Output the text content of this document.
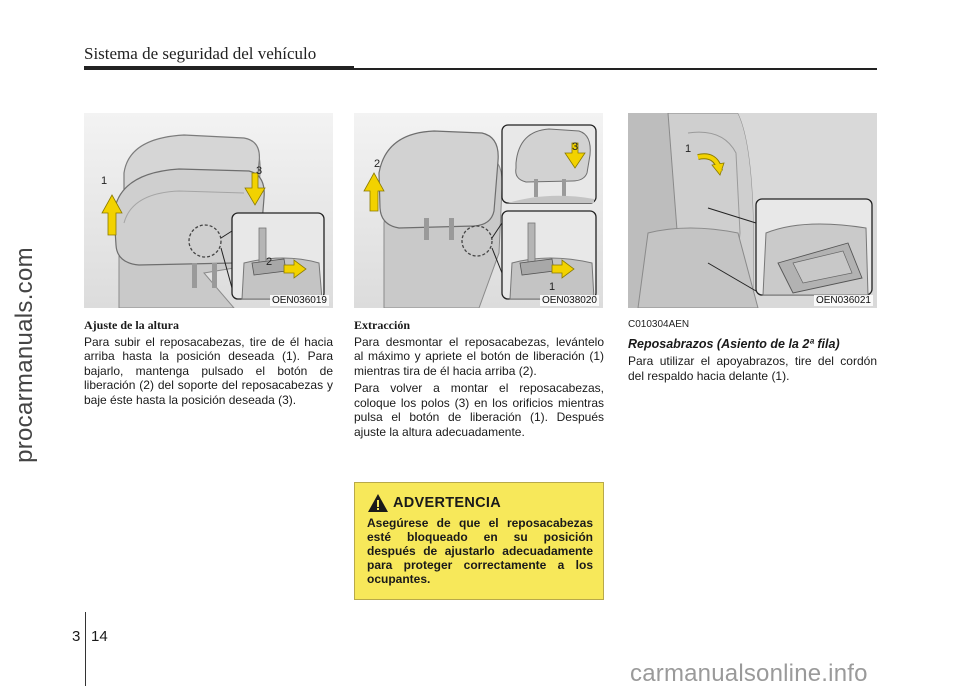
Sistema de seguridad del vehículo
procarmanuals.com
1
3
2
OEN036019
2
3
1
OEN038020
1
OEN036021
Ajuste de la altura
Para subir el reposacabezas, tire de él hacia arriba hasta la posición deseada (1). Para bajarlo, mantenga pulsado el botón de liberación (2) del soporte del reposacabezas y baje éste hasta la posición deseada (3).
Extracción
Para desmontar el reposacabezas, levántelo al máximo y apriete el botón de liberación (1) mientras tira de él hacia arriba (2).
Para volver a montar el reposacabezas, coloque los polos (3) en los orificios mientras pulsa el botón de liberación (1). Después ajuste la altura adecuadamente.
C010304AEN
Reposabrazos (Asiento de la 2ª fila)
Para utilizar el apoyabrazos, tire del cordón del respaldo hacia delante (1).
ADVERTENCIA
Asegúrese de que el reposacabezas esté bloqueado en su posición después de ajustarlo adecuadamente para proteger correctamente a los ocupantes.
3 14
carmanualsonline.info
